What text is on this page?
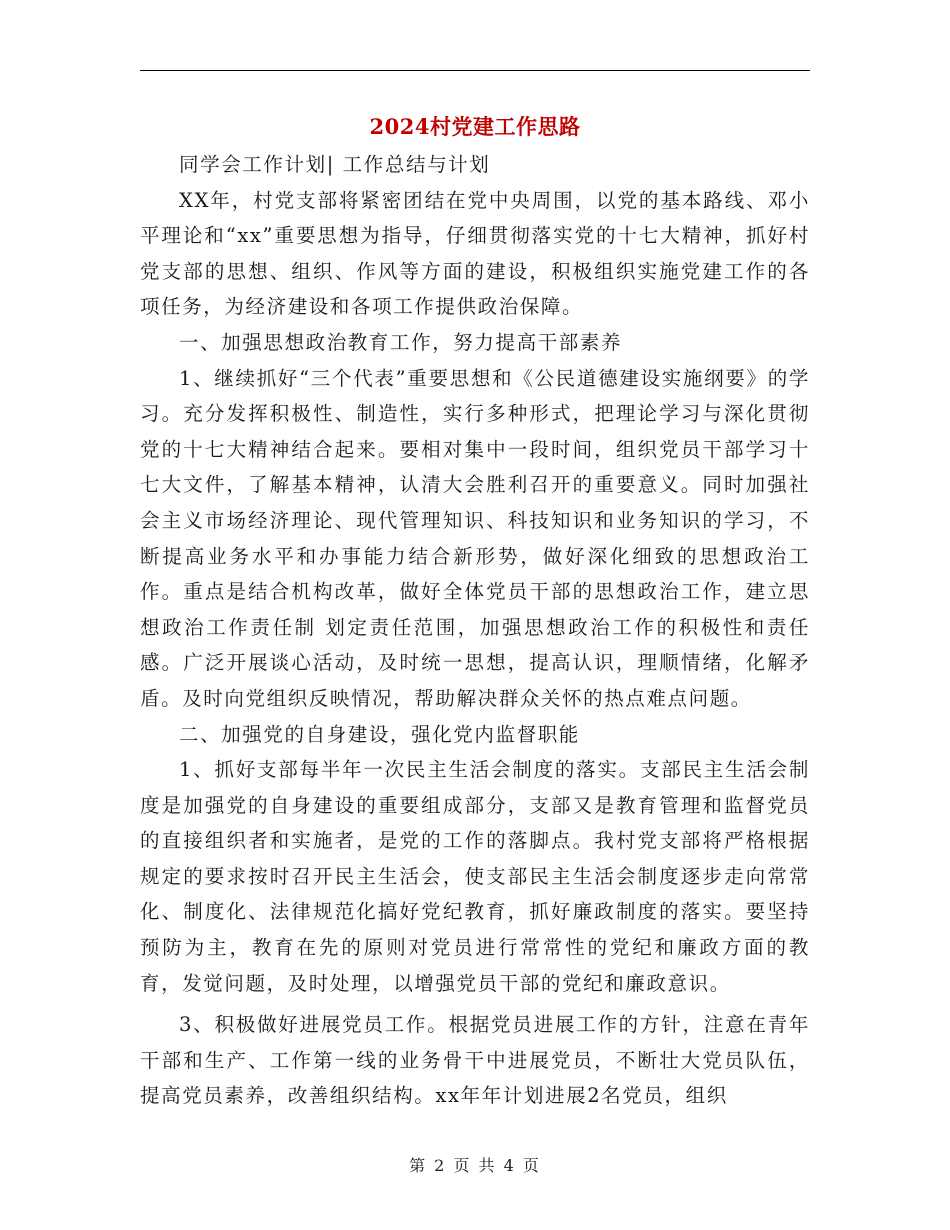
2024村党建工作思路

同学会工作计划| 工作总结与计划

XX年，村党支部将紧密团结在党中央周围，以党的基本路线、邓小平理论和“xx”重要思想为指导，仔细贯彻落实党的十七大精神，抓好村党支部的思想、组织、作风等方面的建设，积极组织实施党建工作的各项任务，为经济建设和各项工作提供政治保障。

一、加强思想政治教育工作，努力提高干部素养

1、继续抓好“三个代表”重要思想和《公民道德建设实施纲要》的学习。充分发挥积极性、制造性，实行多种形式，把理论学习与深化贯彻党的十七大精神结合起来。要相对集中一段时间，组织党员干部学习十七大文件，了解基本精神，认清大会胜利召开的重要意义。同时加强社会主义市场经济理论、现代管理知识、科技知识和业务知识的学习，不断提高业务水平和办事能力结合新形势，做好深化细致的思想政治工作。重点是结合机构改革，做好全体党员干部的思想政治工作，建立思想政治工作责任制 划定责任范围，加强思想政治工作的积极性和责任感。广泛开展谈心活动，及时统一思想，提高认识，理顺情绪，化解矛盾。及时向党组织反映情况，帮助解决群众关怀的热点难点问题。

二、加强党的自身建设，强化党内监督职能

1、抓好支部每半年一次民主生活会制度的落实。支部民主生活会制度是加强党的自身建设的重要组成部分，支部又是教育管理和监督党员的直接组织者和实施者，是党的工作的落脚点。我村党支部将严格根据规定的要求按时召开民主生活会，使支部民主生活会制度逐步走向常常化、制度化、法律规范化搞好党纪教育，抓好廉政制度的落实。要坚持预防为主，教育在先的原则对党员进行常常性的党纪和廉政方面的教育，发觉问题，及时处理，以增强党员干部的党纪和廉政意识。

3、积极做好进展党员工作。根据党员进展工作的方针，注意在青年干部和生产、工作第一线的业务骨干中进展党员，不断壮大党员队伍，提高党员素养，改善组织结构。xx年年计划进展2名党员，组织

第 2 页 共 4 页
